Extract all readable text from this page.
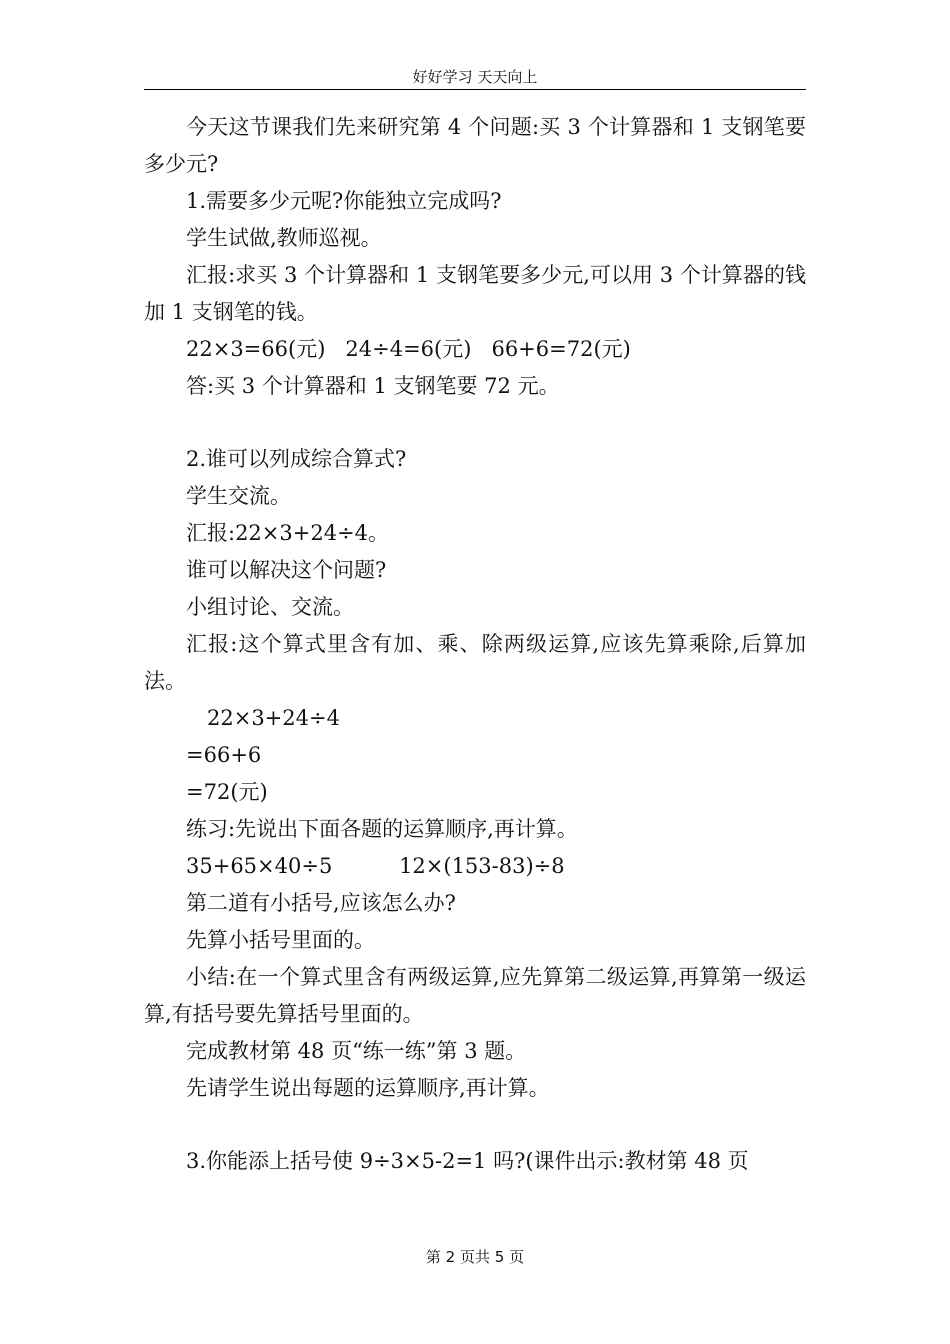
好好学习 天天向上

今天这节课我们先来研究第 4 个问题:买 3 个计算器和 1 支钢笔要多少元?

1.需要多少元呢?你能独立完成吗?

学生试做,教师巡视。

汇报:求买 3 个计算器和 1 支钢笔要多少元,可以用 3 个计算器的钱加 1 支钢笔的钱。

22×3=66(元)   24÷4=6(元)   66+6=72(元)

答:买 3 个计算器和 1 支钢笔要 72 元。

2.谁可以列成综合算式?

学生交流。

汇报:22×3+24÷4。

谁可以解决这个问题?

小组讨论、交流。

汇报:这个算式里含有加、乘、除两级运算,应该先算乘除,后算加法。

22×3+24÷4

=66+6

=72(元)

练习:先说出下面各题的运算顺序,再计算。

35+65×40÷5          12×(153-83)÷8

第二道有小括号,应该怎么办?

先算小括号里面的。

小结:在一个算式里含有两级运算,应先算第二级运算,再算第一级运算,有括号要先算括号里面的。

完成教材第 48 页“练一练”第 3 题。

先请学生说出每题的运算顺序,再计算。

3.你能添上括号使 9÷3×5-2=1 吗?(课件出示:教材第 48 页

第 2 页共 5 页
